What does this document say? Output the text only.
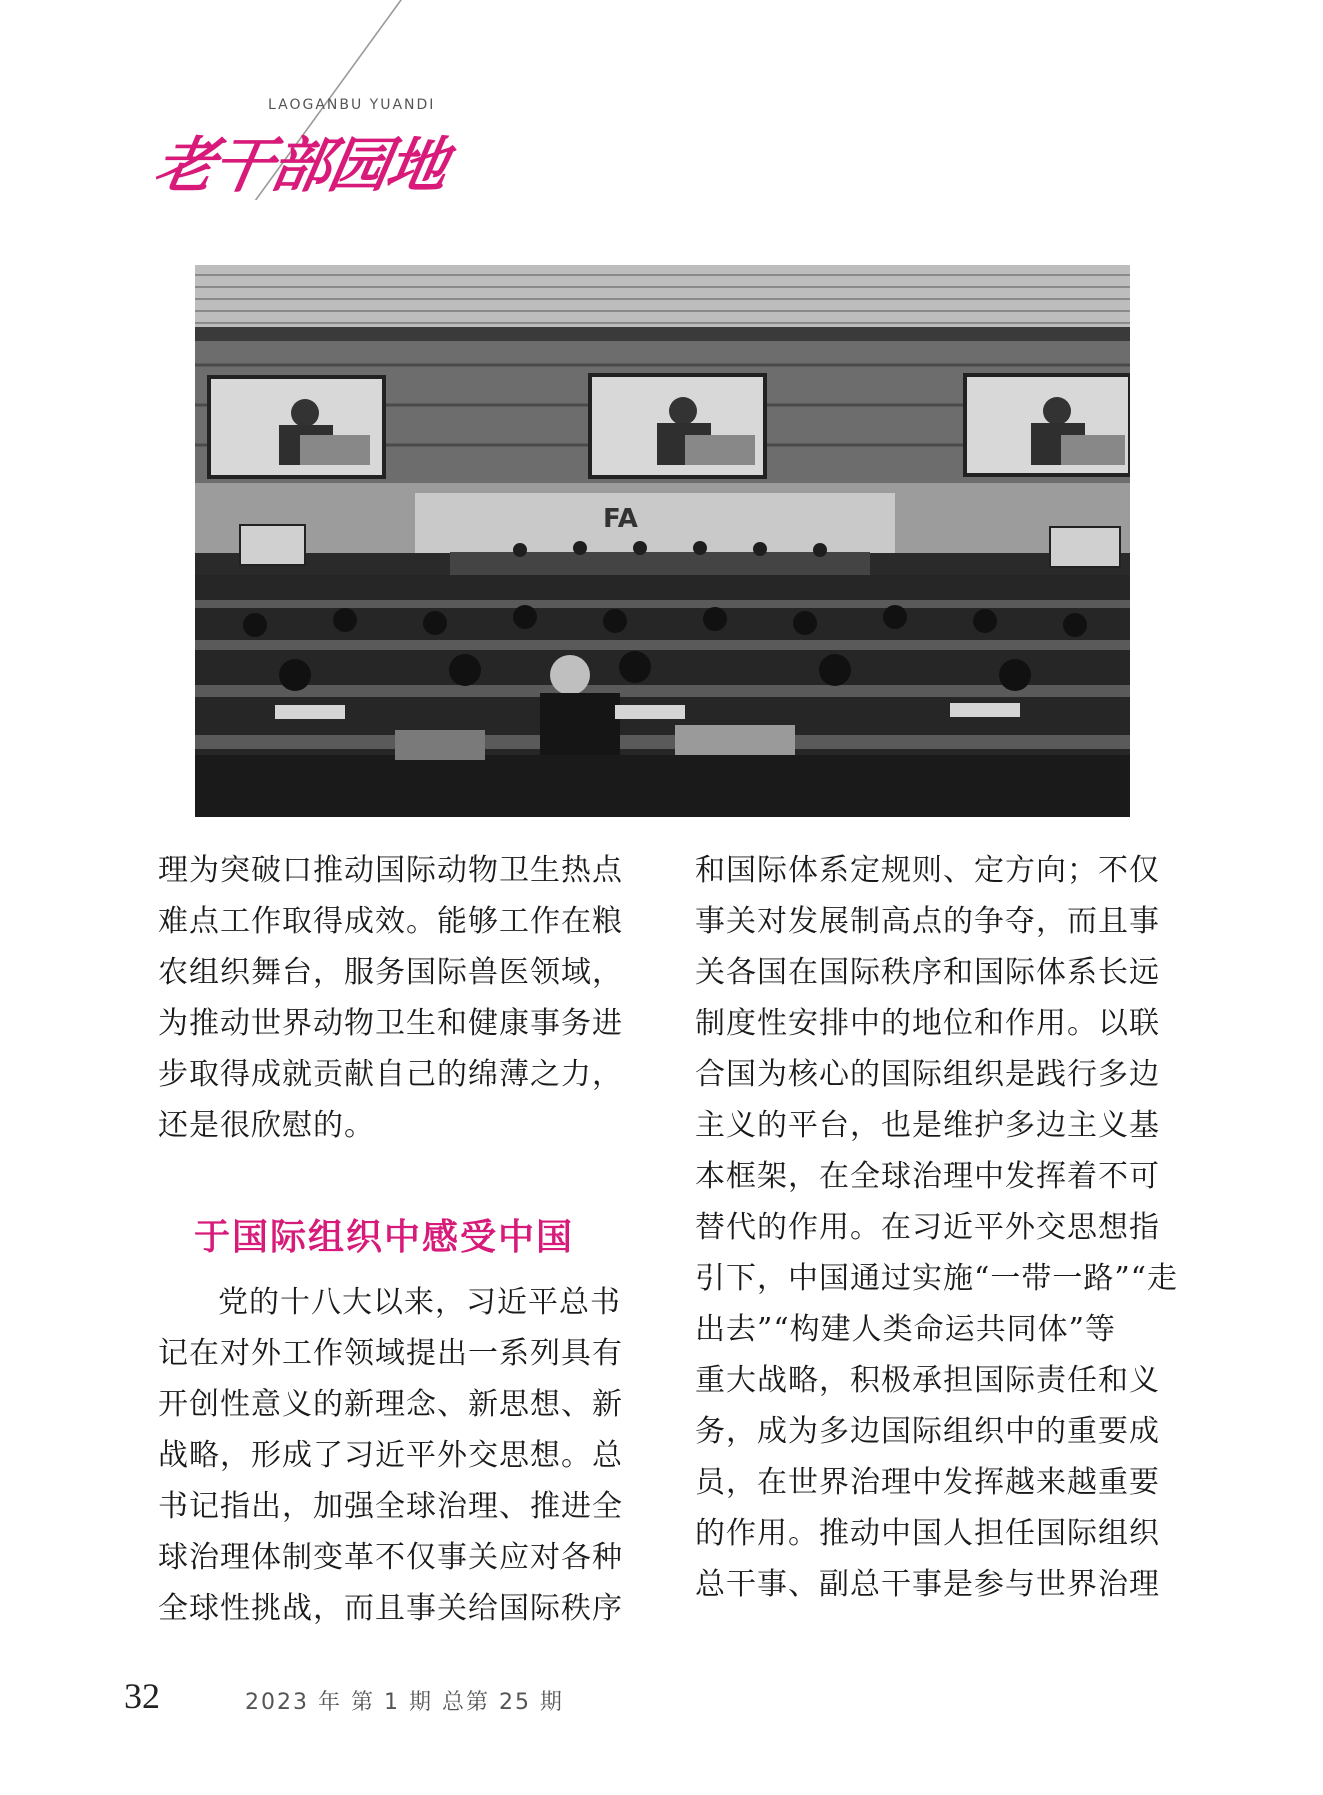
LAOGANBU YUANDI
老干部园地
FA

理为突破口推动国际动物卫生热点

难点工作取得成效。能够工作在粮

农组织舞台，服务国际兽医领域，

为推动世界动物卫生和健康事务进

步取得成就贡献自己的绵薄之力，

还是很欣慰的。

于国际组织中感受中国

党的十八大以来，习近平总书

记在对外工作领域提出一系列具有

开创性意义的新理念、新思想、新

战略，形成了习近平外交思想。总

书记指出，加强全球治理、推进全

球治理体制变革不仅事关应对各种

全球性挑战，而且事关给国际秩序

和国际体系定规则、定方向；不仅

事关对发展制高点的争夺，而且事

关各国在国际秩序和国际体系长远

制度性安排中的地位和作用。以联

合国为核心的国际组织是践行多边

主义的平台，也是维护多边主义基

本框架，在全球治理中发挥着不可

替代的作用。在习近平外交思想指

引下，中国通过实施“一带一路”“走

出去”“构建人类命运共同体”等

重大战略，积极承担国际责任和义

务，成为多边国际组织中的重要成

员，在世界治理中发挥越来越重要

的作用。推动中国人担任国际组织

总干事、副总干事是参与世界治理

32	2023 年 第 1 期 总第 25 期
